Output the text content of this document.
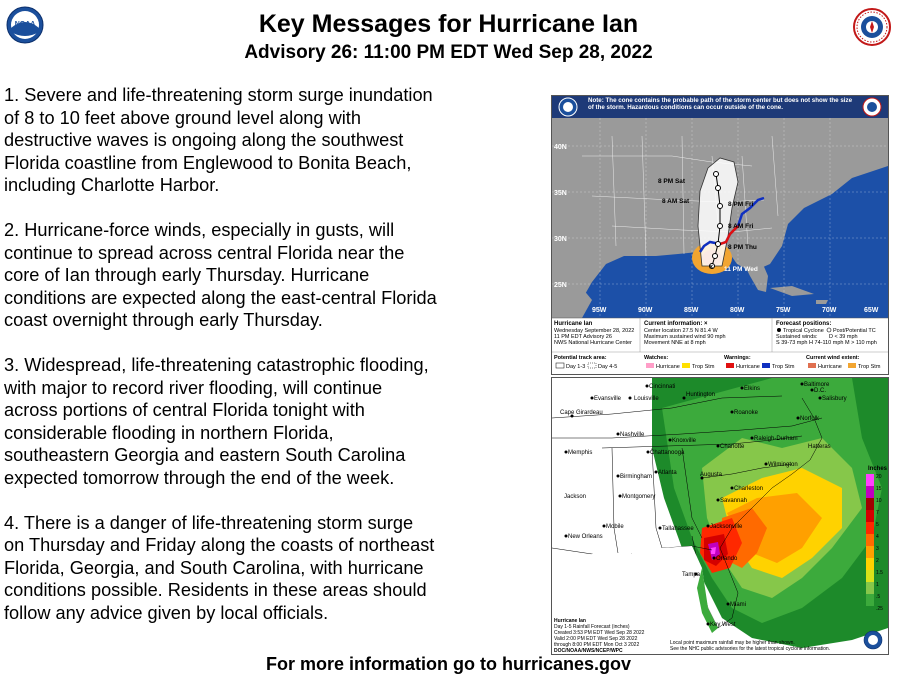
NOAA	Key Messages for Hurricane Ian
Advisory 26: 11:00 PM EDT Wed Sep 28, 2022

1. Severe and life-threatening storm surge inundation
of 8 to 10 feet above ground level along with
destructive waves is ongoing along the southwest
Florida coastline from Englewood to Bonita Beach,
including Charlotte Harbor.

2. Hurricane-force winds, especially in gusts, will
continue to spread across central Florida near the
core of Ian through early Thursday. Hurricane
conditions are expected along the east-central Florida
coast overnight through early Thursday.

3. Widespread, life-threatening catastrophic flooding,
with major to record river flooding, will continue
across portions of central Florida tonight with
considerable flooding in northern Florida,
southeastern Georgia and eastern South Carolina
expected tomorrow through the end of the week.

4. There is a danger of life-threatening storm surge
on Thursday and Friday along the coasts of northeast
Florida, Georgia, and South Carolina, with hurricane
conditions possible. Residents in these areas should
follow any advice given by local officials.

Note: The cone contains the probable path of the storm center but does not show the size of the storm. Hazardous conditions can occur outside of the cone.
40N
35N
30N
25N
95W	90W	85W	80W	75W	70W	65W
×
8 PM Sat
8 AM Sat	8 PM Fri
8 AM Fri
8 PM Thu
11 PM Wed
Hurricane Ian
Wednesday September 28, 2022
11 PM EDT Advisory 26
NWS National Hurricane Center
Current information: ×
Center location 27.5 N 81.4 W
Maximum sustained wind 90 mph
Movement NNE at 8 mph
Forecast positions:
Tropical Cyclone Post/Potential TC
Sustained winds: D < 39 mph
S 39-73 mph H 74-110 mph M > 110 mph
Potential track area:
Day 1-3 Day 4-5
Watches:
Hurricane Trop Stm
Warnings:
Hurricane Trop Stm
Current wind extent:
Hurricane	Trop Stm
Cincinnati
Louisville
Evansville
Huntington
Elkins
Baltimore
D.C.
Salisbury
Roanoke
Norfolk
Cape Girardeau
Nashville
Knoxville	Raleigh-Durham
Hatteras
Memphis	Chattanooga
Charlotte
Wilmington
Birmingham
Atlanta	Augusta
Charleston
Jackson	Montgomery
Savannah
Mobile	Tallahassee	Jacksonville
New Orleans
Orlando
Tampa
Miami
Key West
Inches
20
15
10
7
5
4
3
2
1.5
1
.5
.25
Hurricane Ian
Day 1-5 Rainfall Forecast (inches)
Created 3:53 PM EDT Wed Sep 28 2022
Valid 2:00 PM EDT Wed Sep 28 2022
through 8:00 PM EDT Mon Oct 3 2022
DOC/NOAA/NWS/NCEP/WPC
Local point maximum rainfall may be higher than shown.
See the NHC public advisories for the latest tropical cyclone information.
For more information go to hurricanes.gov
